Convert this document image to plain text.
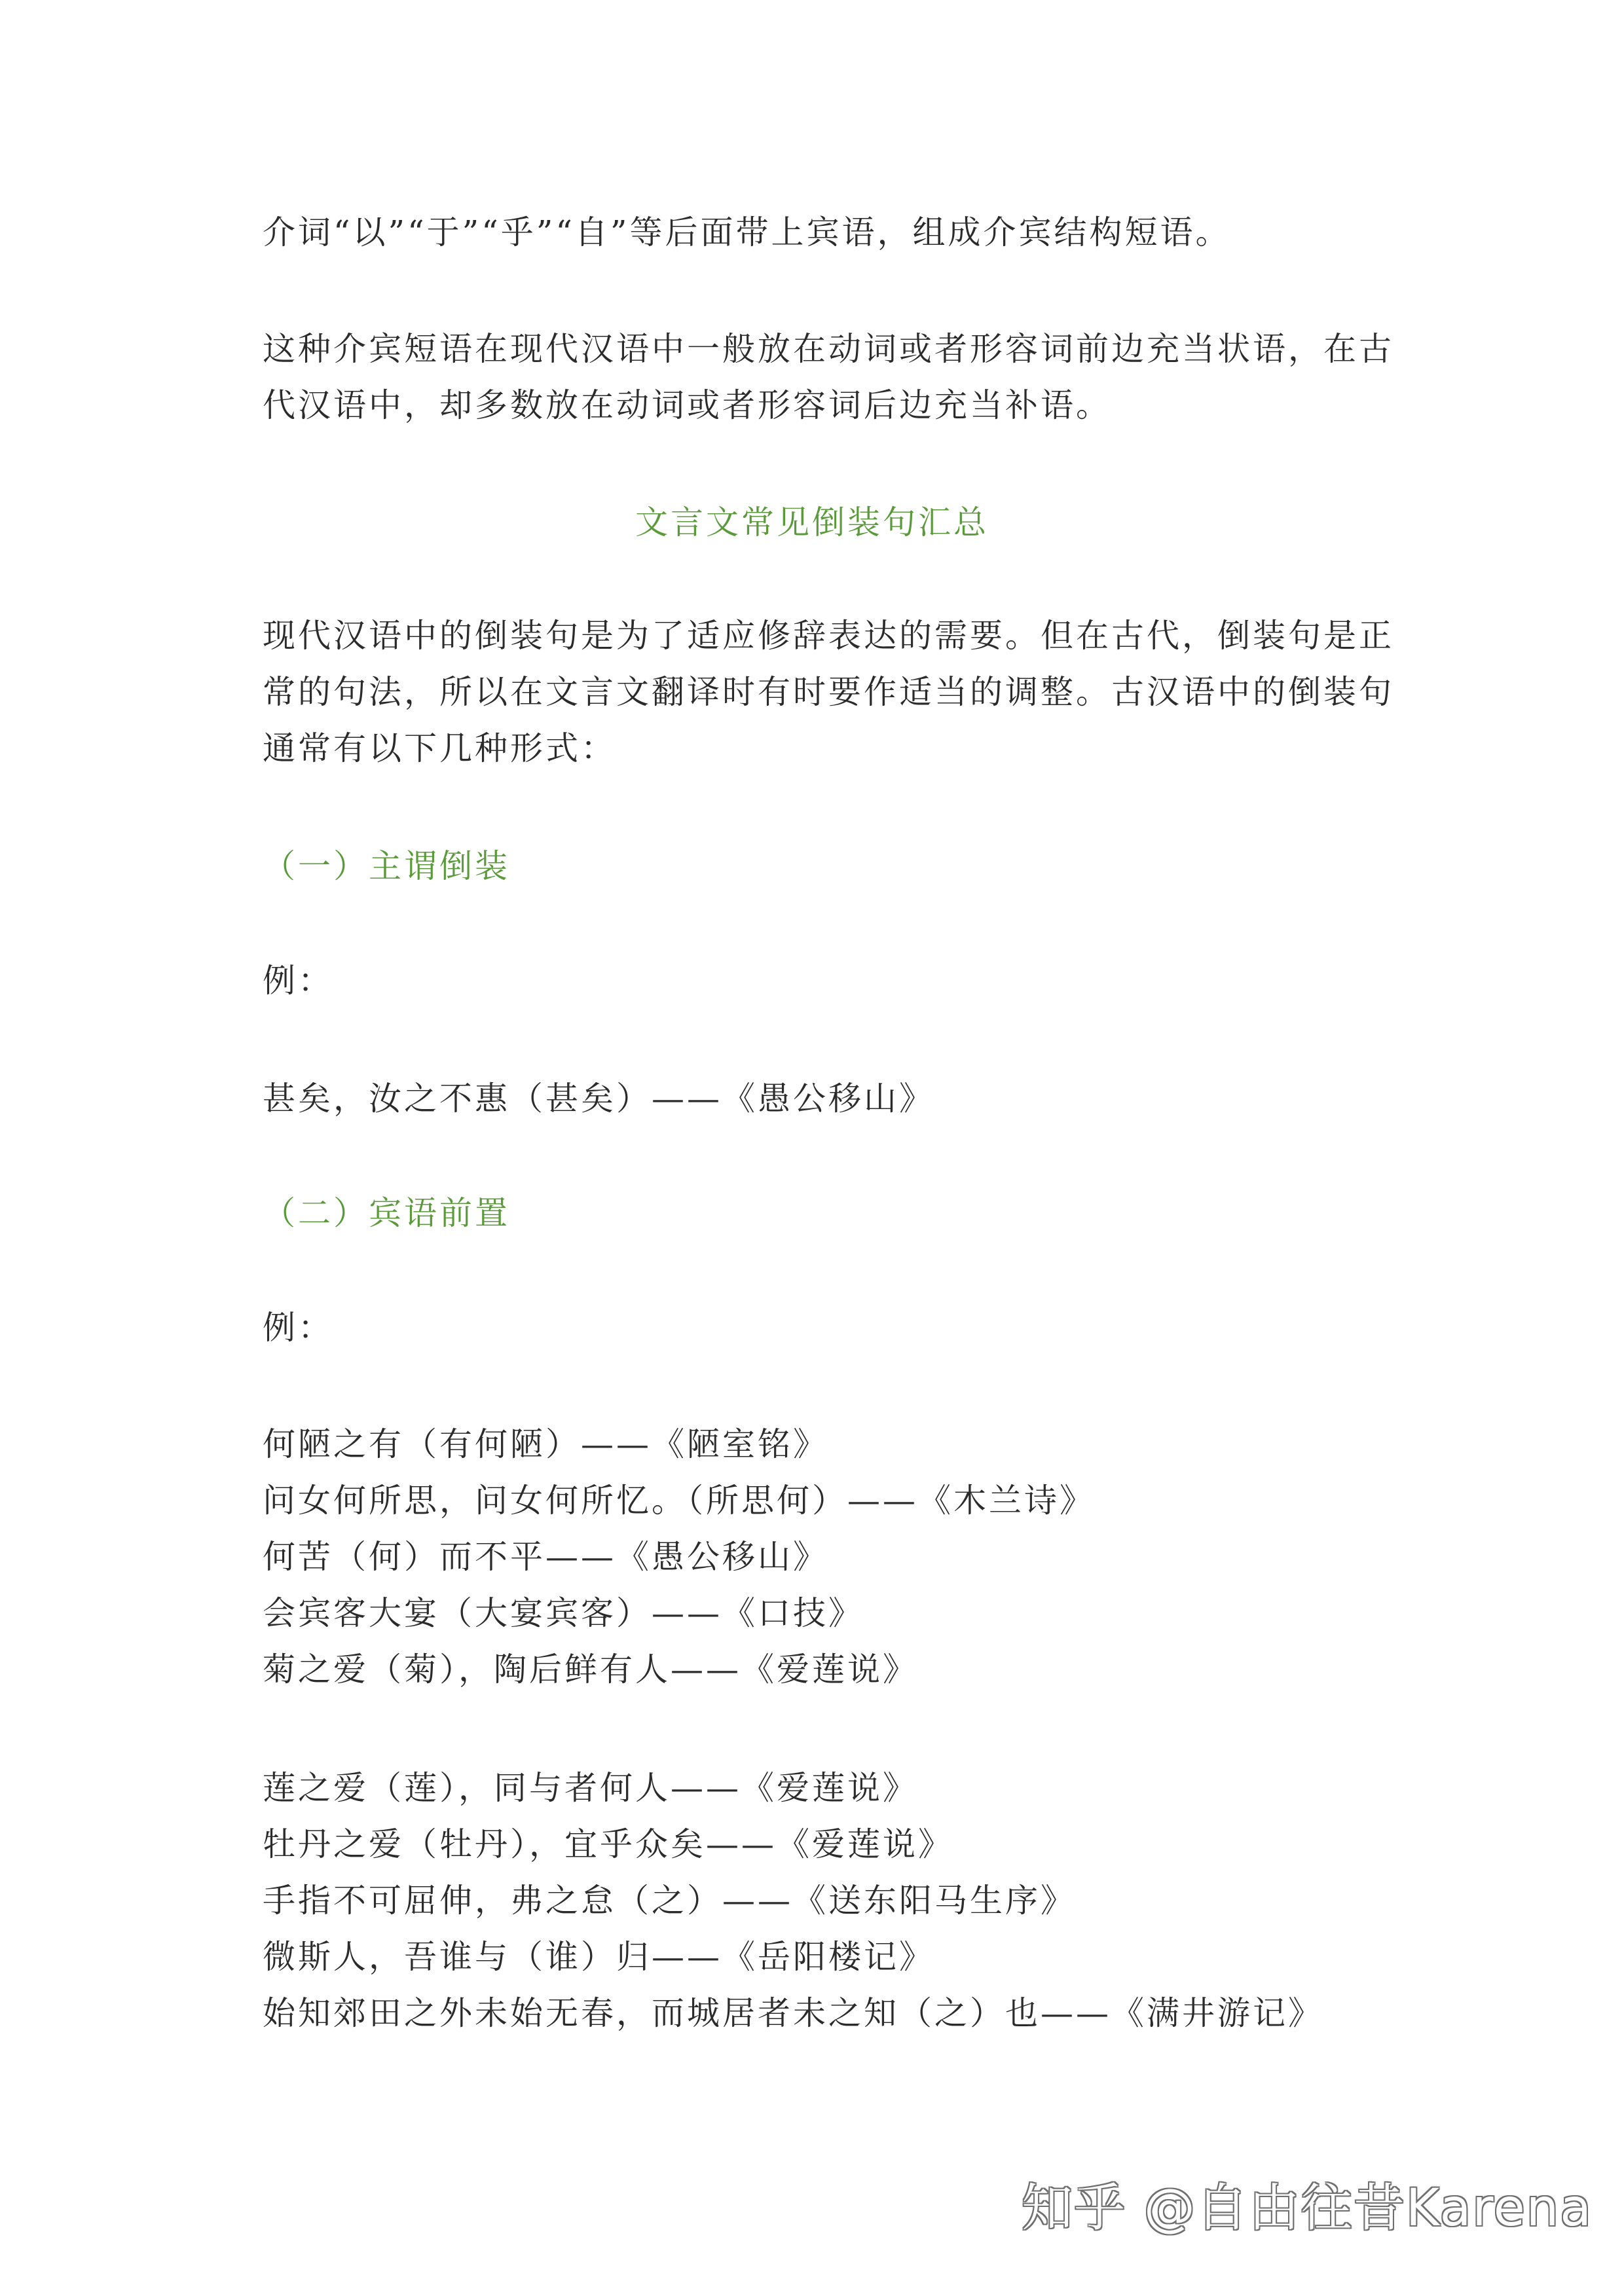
介词“以”“于”“乎”“自”等后面带上宾语，组成介宾结构短语。
这种介宾短语在现代汉语中一般放在动词或者形容词前边充当状语，在古
代汉语中，却多数放在动词或者形容词后边充当补语。
文言文常见倒装句汇总
现代汉语中的倒装句是为了适应修辞表达的需要。但在古代，倒装句是正
常的句法，所以在文言文翻译时有时要作适当的调整。古汉语中的倒装句
通常有以下几种形式：
（一）主谓倒装
例：
甚矣，汝之不惠（甚矣）——《愚公移山》
（二）宾语前置
例：
何陋之有（有何陋）——《陋室铭》
问女何所思，问女何所忆。（所思何）——《木兰诗》
何苦（何）而不平——《愚公移山》
会宾客大宴（大宴宾客）——《口技》
菊之爱（菊），陶后鲜有人——《爱莲说》
莲之爱（莲），同与者何人——《爱莲说》
牡丹之爱（牡丹），宜乎众矣——《爱莲说》
手指不可屈伸，弗之怠（之）——《送东阳马生序》
微斯人，吾谁与（谁）归——《岳阳楼记》
始知郊田之外未始无春，而城居者未之知（之）也——《满井游记》
知乎 @自由往昔Karena
